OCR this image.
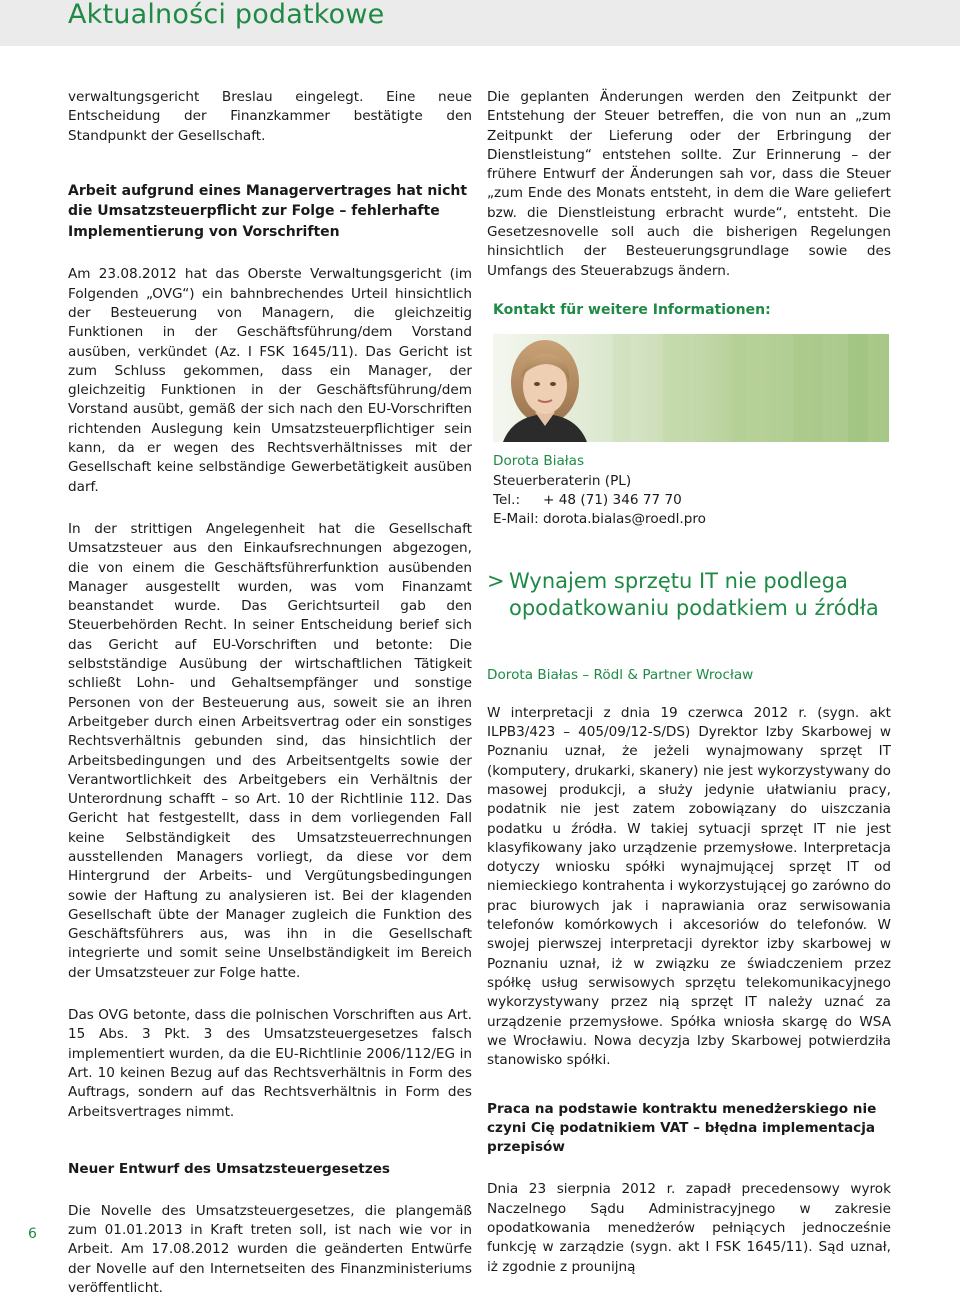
Aktualności podatkowe

verwaltungsgericht Breslau eingelegt. Eine neue Entscheidung der Finanzkammer bestätigte den Standpunkt der Gesellschaft.

Arbeit aufgrund eines Managervertrages hat nicht die Umsatzsteuerpflicht zur Folge – fehlerhafte Implementierung von Vorschriften

Am 23.08.2012 hat das Oberste Verwaltungsgericht (im Folgenden „OVG“) ein bahnbrechendes Urteil hinsichtlich der Besteuerung von Managern, die gleichzeitig Funktionen in der Geschäftsführung/dem Vorstand ausüben, verkündet (Az. I FSK 1645/11). Das Gericht ist zum Schluss gekommen, dass ein Manager, der gleichzeitig Funktionen in der Geschäftsführung/dem Vorstand ausübt, gemäß der sich nach den EU-Vorschriften richtenden Auslegung kein Umsatzsteuerpflichtiger sein kann, da er wegen des Rechtsverhältnisses mit der Gesellschaft keine selbständige Gewerbetätigkeit ausüben darf.

In der strittigen Angelegenheit hat die Gesellschaft Umsatzsteuer aus den Einkaufsrechnungen abgezogen, die von einem die Geschäftsführerfunktion ausübenden Manager ausgestellt wurden, was vom Finanzamt beanstandet wurde. Das Gerichtsurteil gab den Steuerbehörden Recht. In seiner Entscheidung berief sich das Gericht auf EU-Vorschriften und betonte: Die selbstständige Ausübung der wirtschaftlichen Tätigkeit schließt Lohn- und Gehaltsempfänger und sonstige Personen von der Besteuerung aus, soweit sie an ihren Arbeitgeber durch einen Arbeitsvertrag oder ein sonstiges Rechtsverhältnis gebunden sind, das hinsichtlich der Arbeitsbedingungen und des Arbeitsentgelts sowie der Verantwortlichkeit des Arbeitgebers ein Verhältnis der Unterordnung schafft – so Art. 10 der Richtlinie 112. Das Gericht hat festgestellt, dass in dem vorliegenden Fall keine Selbständigkeit des Umsatzsteuerrechnungen ausstellenden Managers vorliegt, da diese vor dem Hintergrund der Arbeits- und Vergütungsbedingungen sowie der Haftung zu analysieren ist. Bei der klagenden Gesellschaft übte der Manager zugleich die Funktion des Geschäftsführers aus, was ihn in die Gesellschaft integrierte und somit seine Unselbständigkeit im Bereich der Umsatzsteuer zur Folge hatte.

Das OVG betonte, dass die polnischen Vorschriften aus Art. 15 Abs. 3 Pkt. 3 des Umsatzsteuergesetzes falsch implementiert wurden, da die EU-Richtlinie 2006/112/EG in Art. 10 keinen Bezug auf das Rechtsverhältnis in Form des Auftrags, sondern auf das Rechtsverhältnis in Form des Arbeitsvertrages nimmt.

Neuer Entwurf des Umsatzsteuergesetzes

Die Novelle des Umsatzsteuergesetzes, die plangemäß zum 01.01.2013 in Kraft treten soll, ist nach wie vor in Arbeit. Am 17.08.2012 wurden die geänderten Entwürfe der Novelle auf den Internetseiten des Finanzministeriums veröffentlicht.

Die geplanten Änderungen werden den Zeitpunkt der Entstehung der Steuer betreffen, die von nun an „zum Zeitpunkt der Lieferung oder der Erbringung der Dienstleistung“ entstehen sollte. Zur Erinnerung – der frühere Entwurf der Änderungen sah vor, dass die Steuer „zum Ende des Monats entsteht, in dem die Ware geliefert bzw. die Dienstleistung erbracht wurde“, entsteht. Die Gesetzesnovelle soll auch die bisherigen Regelungen hinsichtlich der Besteuerungsgrundlage sowie des Umfangs des Steuerabzugs ändern.

Kontakt für weitere Informationen:
Dorota Białas
Steuerberaterin (PL)
Tel.: + 48 (71) 346 77 70
E-Mail: dorota.bialas@roedl.pro
> Wynajem sprzętu IT nie podlega opodatkowaniu podatkiem u źródła
Dorota Białas – Rödl & Partner Wrocław

W interpretacji z dnia 19 czerwca 2012 r. (sygn. akt ILPB3/423 – 405/09/12-S/DS) Dyrektor Izby Skarbowej w Poznaniu uznał, że jeżeli wynajmowany sprzęt IT (komputery, drukarki, skanery) nie jest wykorzystywany do masowej produkcji, a służy jedynie ułatwianiu pracy, podatnik nie jest zatem zobowiązany do uiszczania podatku u źródła. W takiej sytuacji sprzęt IT nie jest klasyfikowany jako urządzenie przemysłowe. Interpretacja dotyczy wniosku spółki wynajmującej sprzęt IT od niemieckiego kontrahenta i wykorzystującej go zarówno do prac biurowych jak i naprawiania oraz serwisowania telefonów komórkowych i akcesoriów do telefonów. W swojej pierwszej interpretacji dyrektor izby skarbowej w Poznaniu uznał, iż w związku ze świadczeniem przez spółkę usług serwisowych sprzętu telekomunikacyjnego wykorzystywany przez nią sprzęt IT należy uznać za urządzenie przemysłowe. Spółka wniosła skargę do WSA we Wrocławiu. Nowa decyzja Izby Skarbowej potwierdziła stanowisko spółki.

Praca na podstawie kontraktu menedżerskiego nie czyni Cię podatnikiem VAT – błędna implementacja przepisów

Dnia 23 sierpnia 2012 r. zapadł precedensowy wyrok Naczelnego Sądu Administracyjnego w zakresie opodatkowania menedżerów pełniących jednocześnie funkcję w zarządzie (sygn. akt I FSK 1645/11). Sąd uznał, iż zgodnie z prounijną

6
